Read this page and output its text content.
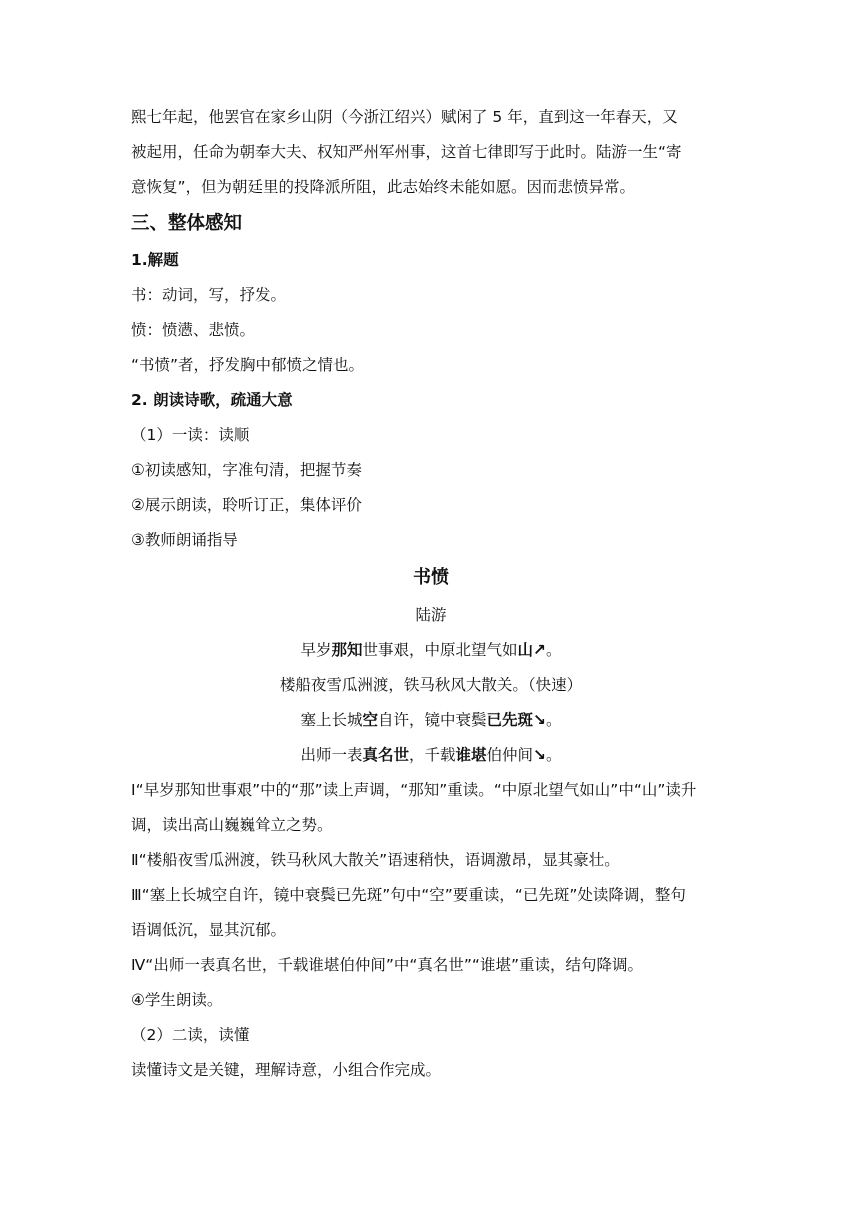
熙七年起，他罢官在家乡山阴（今浙江绍兴）赋闲了 5 年，直到这一年春天，又

被起用，任命为朝奉大夫、权知严州军州事，这首七律即写于此时。陆游一生“寄

意恢复”，但为朝廷里的投降派所阻，此志始终未能如愿。因而悲愤异常。

三、整体感知

1.解题

书：动词，写，抒发。

愤：愤懑、悲愤。

“书愤”者，抒发胸中郁愤之情也。

2. 朗读诗歌，疏通大意

（1）一读：读顺

①初读感知，字准句清，把握节奏

②展示朗读，聆听订正，集体评价

③教师朗诵指导

书愤

陆游

早岁那知世事艰，中原北望气如山↗。

楼船夜雪瓜洲渡，铁马秋风大散关。（快速）

塞上长城空自许，镜中衰鬓已先斑↘。

出师一表真名世，千载谁堪伯仲间↘。

Ⅰ“早岁那知世事艰”中的“那”读上声调，“那知”重读。“中原北望气如山”中“山”读升

调，读出高山巍巍耸立之势。

Ⅱ“楼船夜雪瓜洲渡，铁马秋风大散关”语速稍快，语调激昂，显其豪壮。

Ⅲ“塞上长城空自许，镜中衰鬓已先斑”句中“空”要重读，“已先斑”处读降调，整句

语调低沉，显其沉郁。

Ⅳ“出师一表真名世，千载谁堪伯仲间”中“真名世”“谁堪”重读，结句降调。

④学生朗读。

（2）二读，读懂

读懂诗文是关键，理解诗意，小组合作完成。
